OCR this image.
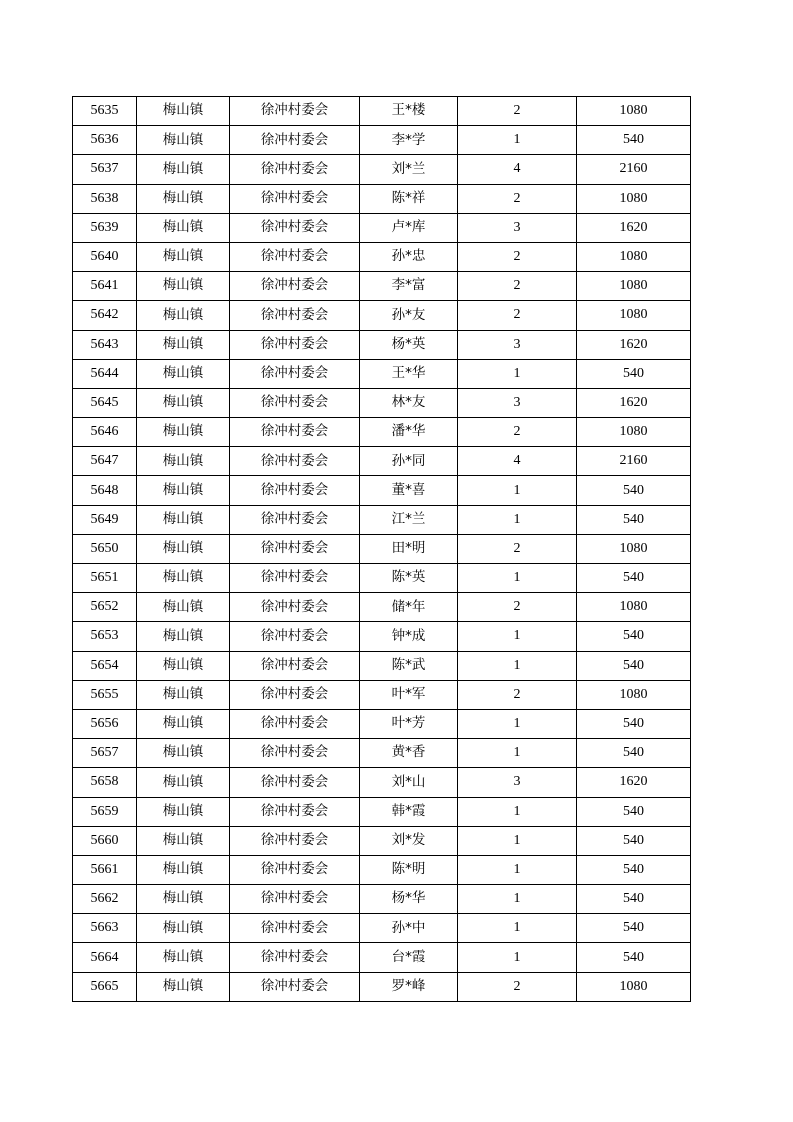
5635	梅山镇	徐冲村委会	王*楼	2	1080
5636	梅山镇	徐冲村委会	李*学	1	540
5637	梅山镇	徐冲村委会	刘*兰	4	2160
5638	梅山镇	徐冲村委会	陈*祥	2	1080
5639	梅山镇	徐冲村委会	卢*库	3	1620
5640	梅山镇	徐冲村委会	孙*忠	2	1080
5641	梅山镇	徐冲村委会	李*富	2	1080
5642	梅山镇	徐冲村委会	孙*友	2	1080
5643	梅山镇	徐冲村委会	杨*英	3	1620
5644	梅山镇	徐冲村委会	王*华	1	540
5645	梅山镇	徐冲村委会	林*友	3	1620
5646	梅山镇	徐冲村委会	潘*华	2	1080
5647	梅山镇	徐冲村委会	孙*同	4	2160
5648	梅山镇	徐冲村委会	董*喜	1	540
5649	梅山镇	徐冲村委会	江*兰	1	540
5650	梅山镇	徐冲村委会	田*明	2	1080
5651	梅山镇	徐冲村委会	陈*英	1	540
5652	梅山镇	徐冲村委会	储*年	2	1080
5653	梅山镇	徐冲村委会	钟*成	1	540
5654	梅山镇	徐冲村委会	陈*武	1	540
5655	梅山镇	徐冲村委会	叶*军	2	1080
5656	梅山镇	徐冲村委会	叶*芳	1	540
5657	梅山镇	徐冲村委会	黄*香	1	540
5658	梅山镇	徐冲村委会	刘*山	3	1620
5659	梅山镇	徐冲村委会	韩*霞	1	540
5660	梅山镇	徐冲村委会	刘*发	1	540
5661	梅山镇	徐冲村委会	陈*明	1	540
5662	梅山镇	徐冲村委会	杨*华	1	540
5663	梅山镇	徐冲村委会	孙*中	1	540
5664	梅山镇	徐冲村委会	台*霞	1	540
5665	梅山镇	徐冲村委会	罗*峰	2	1080
